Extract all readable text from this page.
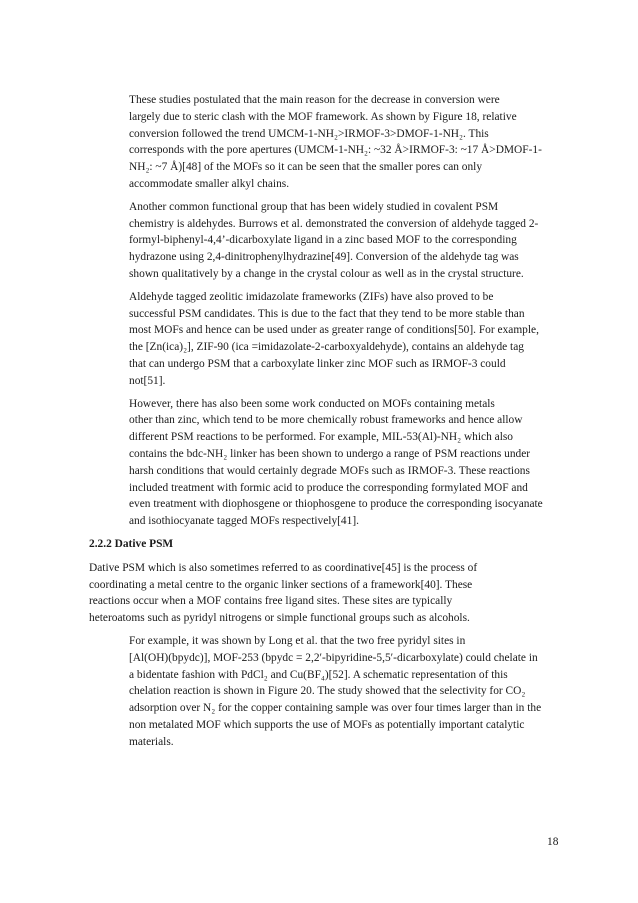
These studies postulated that the main reason for the decrease in conversion were
largely due to steric clash with the MOF framework. As shown by Figure 18, relative
conversion followed the trend UMCM-1-NH₂>IRMOF-3>DMOF-1-NH₂. This
corresponds with the pore apertures (UMCM-1-NH₂: ~32 Å>IRMOF-3: ~17 Å>DMOF-1-
NH₂: ~7 Å)[48] of the MOFs so it can be seen that the smaller pores can only
accommodate smaller alkyl chains.

Another common functional group that has been widely studied in covalent PSM
chemistry is aldehydes. Burrows et al. demonstrated the conversion of aldehyde tagged 2-
formyl-biphenyl-4,4’-dicarboxylate ligand in a zinc based MOF to the corresponding
hydrazone using 2,4-dinitrophenylhydrazine[49]. Conversion of the aldehyde tag was
shown qualitatively by a change in the crystal colour as well as in the crystal structure.

Aldehyde tagged zeolitic imidazolate frameworks (ZIFs) have also proved to be
successful PSM candidates. This is due to the fact that they tend to be more stable than
most MOFs and hence can be used under as greater range of conditions[50]. For example,
the [Zn(ica)₂], ZIF-90 (ica =imidazolate-2-carboxyaldehyde), contains an aldehyde tag
that can undergo PSM that a carboxylate linker zinc MOF such as IRMOF-3 could
not[51].

However, there has also been some work conducted on MOFs containing metals
other than zinc, which tend to be more chemically robust frameworks and hence allow
different PSM reactions to be performed. For example, MIL-53(Al)-NH₂ which also
contains the bdc-NH₂ linker has been shown to undergo a range of PSM reactions under
harsh conditions that would certainly degrade MOFs such as IRMOF-3. These reactions
included treatment with formic acid to produce the corresponding formylated MOF and
even treatment with diophosgene or thiophosgene to produce the corresponding isocyanate
and isothiocyanate tagged MOFs respectively[41].

2.2.2 Dative PSM

Dative PSM which is also sometimes referred to as coordinative[45] is the process of
coordinating a metal centre to the organic linker sections of a framework[40]. These
reactions occur when a MOF contains free ligand sites. These sites are typically
heteroatoms such as pyridyl nitrogens or simple functional groups such as alcohols.

For example, it was shown by Long et al. that the two free pyridyl sites in
[Al(OH)(bpydc)], MOF-253 (bpydc = 2,2′-bipyridine-5,5′-dicarboxylate) could chelate in
a bidentate fashion with PdCl₂ and Cu(BF₄)[52]. A schematic representation of this
chelation reaction is shown in Figure 20. The study showed that the selectivity for CO₂
adsorption over N₂ for the copper containing sample was over four times larger than in the
non metalated MOF which supports the use of MOFs as potentially important catalytic
materials.

18
